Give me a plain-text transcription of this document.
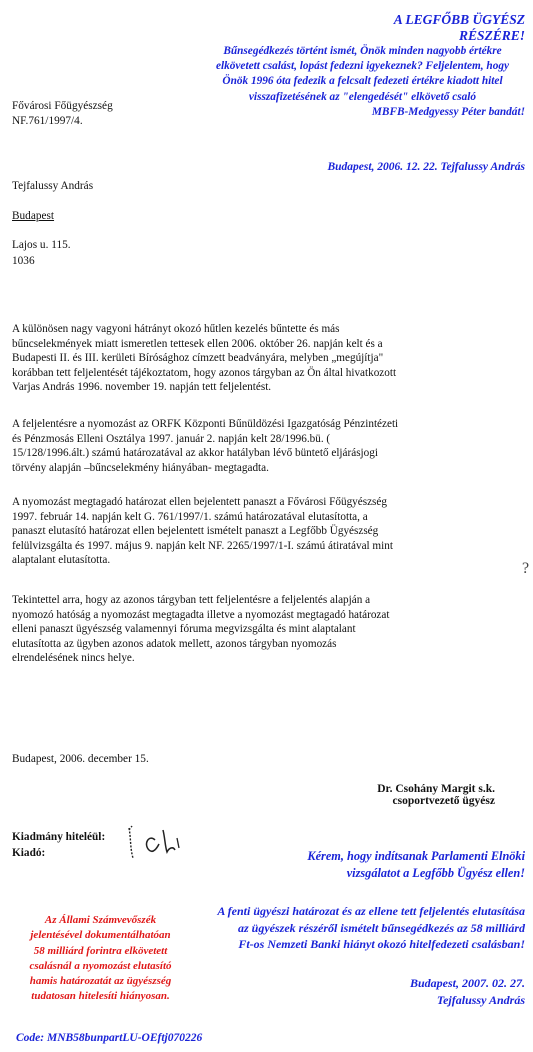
A LEGFŐBB ÜGYÉSZ RÉSZÉRE!
Bűnsegédkezés történt ismét, Önök minden nagyobb értékre
elkövetett csalást, lopást fedezni igyekeznek? Feljelentem, hogy
Önök 1996 óta fedezik a felcsalt fedezeti értékre kiadott hitel
visszafizetésének az "elengedését" elkövető csaló
MBFB-Medgyessy Péter bandát!
Budapest, 2006. 12. 22. Tejfalussy András
Fővárosi Főügyészség
NF.761/1997/4.
Tejfalussy András
Budapest
Lajos u. 115.
1036
A különösen nagy vagyoni hátrányt okozó hűtlen kezelés bűntette és más
bűncselekmények miatt ismeretlen tettesek ellen 2006. október 26. napján kelt és a
Budapesti II. és III. kerületi Bírósághoz címzett beadványára, melyben „megújítja"
korábban tett feljelentését tájékoztatom, hogy azonos tárgyban az Ön által hivatkozott
Varjas András 1996. november 19. napján tett feljelentést.
A feljelentésre a nyomozást az ORFK Központi Bűnüldözési Igazgatóság Pénzintézeti
és Pénzmosás Elleni Osztálya 1997. január 2. napján kelt 28/1996.bü. (
15/128/1996.ált.) számú határozatával az akkor hatályban lévő büntető eljárásjogi
törvény alapján –bűncselekmény hiányában- megtagadta.
A nyomozást megtagadó határozat ellen bejelentett panaszt a Fővárosi Főügyészség
1997. február 14. napján kelt G. 761/1997/1. számú határozatával elutasította, a
panaszt elutasító határozat ellen bejelentett ismételt panaszt a Legfőbb Ügyészség
felülvizsgálta és 1997. május 9. napján kelt NF. 2265/1997/1-I. számú átiratával mint
alaptalant elutasította.
Tekintettel arra, hogy az azonos tárgyban tett feljelentésre a feljelentés alapján a
nyomozó hatóság a nyomozást megtagadta illetve a nyomozást megtagadó határozat
elleni panaszt ügyészség valamennyi fóruma megvizsgálta és mint alaptalant
elutasította az ügyben azonos adatok mellett, azonos tárgyban nyomozás
elrendelésének nincs helye.
?
Budapest, 2006. december 15.
Dr. Csohány Margit s.k.
csoportvezető ügyész
Kiadmány hiteléül:
Kiadó:	Kérem, hogy indítsanak Parlamenti Elnöki
vizsgálatot a Legfőbb Ügyész ellen!
A fenti ügyészi határozat és az ellene tett feljelentés elutasítása
az ügyészek részéről ismételt bűnsegédkezés az 58 milliárd
Ft-os Nemzeti Banki hiányt okozó hitelfedezeti csalásban!
Budapest, 2007. 02. 27.
Tejfalussy András
Az Állami Számvevőszék
jelentésével dokumentálhatóan
58 milliárd forintra elkövetett
csalásnál a nyomozást elutasító
hamis határozatát az ügyészség
tudatosan hitelesíti hiányosan.
Code: MNB58bunpartLU-OEftj070226
